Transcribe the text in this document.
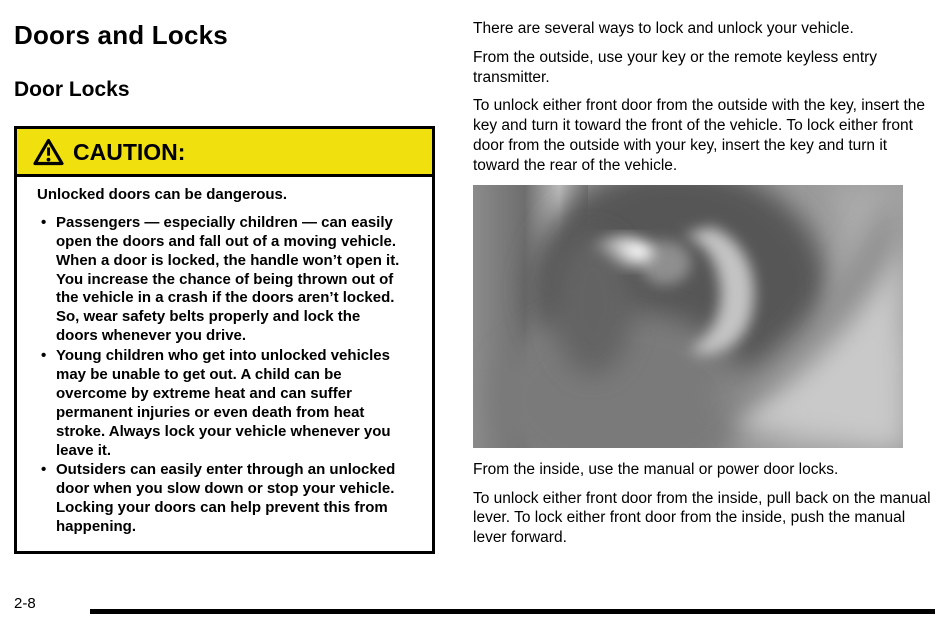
Doors and Locks
Door Locks
CAUTION:
Unlocked doors can be dangerous.
• Passengers — especially children — can easily open the doors and fall out of a moving vehicle. When a door is locked, the handle won’t open it. You increase the chance of being thrown out of the vehicle in a crash if the doors aren’t locked. So, wear safety belts properly and lock the doors whenever you drive.
• Young children who get into unlocked vehicles may be unable to get out. A child can be overcome by extreme heat and can suffer permanent injuries or even death from heat stroke. Always lock your vehicle whenever you leave it.
• Outsiders can easily enter through an unlocked door when you slow down or stop your vehicle. Locking your doors can help prevent this from happening.

There are several ways to lock and unlock your vehicle.

From the outside, use your key or the remote keyless entry transmitter.

To unlock either front door from the outside with the key, insert the key and turn it toward the front of the vehicle. To lock either front door from the outside with your key, insert the key and turn it toward the rear of the vehicle.

From the inside, use the manual or power door locks.

To unlock either front door from the inside, pull back on the manual lever. To lock either front door from the inside, push the manual lever forward.

2-8
